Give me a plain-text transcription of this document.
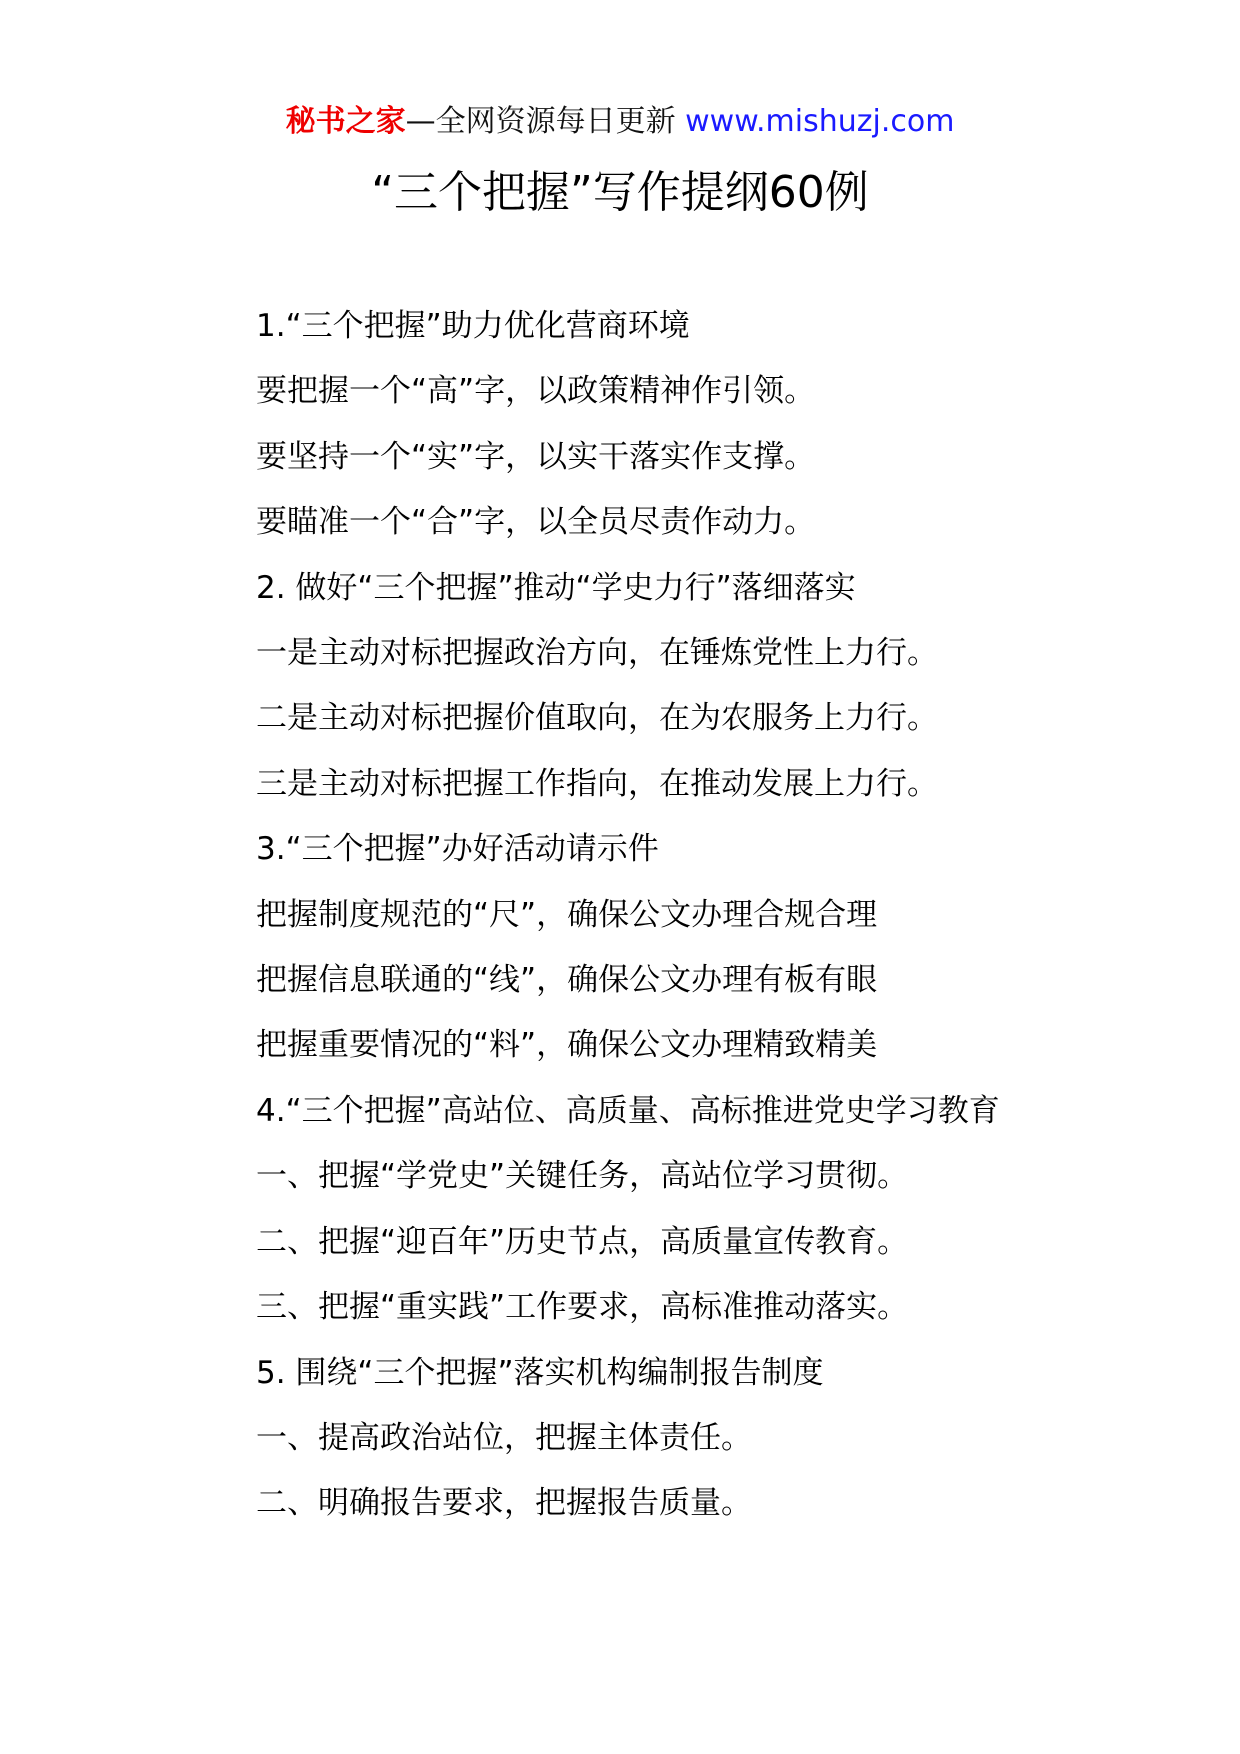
秘书之家—全网资源每日更新 www.mishuzj.com
“三个把握”写作提纲60例

1.“三个把握”助力优化营商环境

要把握一个“高”字，以政策精神作引领。

要坚持一个“实”字，以实干落实作支撑。

要瞄准一个“合”字，以全员尽责作动力。

2. 做好“三个把握”推动“学史力行”落细落实

一是主动对标把握政治方向，在锤炼党性上力行。

二是主动对标把握价值取向，在为农服务上力行。

三是主动对标把握工作指向，在推动发展上力行。

3.“三个把握”办好活动请示件

把握制度规范的“尺”，确保公文办理合规合理

把握信息联通的“线”，确保公文办理有板有眼

把握重要情况的“料”，确保公文办理精致精美

4.“三个把握”高站位、高质量、高标推进党史学习教育

一、把握“学党史”关键任务，高站位学习贯彻。

二、把握“迎百年”历史节点，高质量宣传教育。

三、把握“重实践”工作要求，高标准推动落实。

5. 围绕“三个把握”落实机构编制报告制度

一、提高政治站位，把握主体责任。

二、明确报告要求，把握报告质量。
